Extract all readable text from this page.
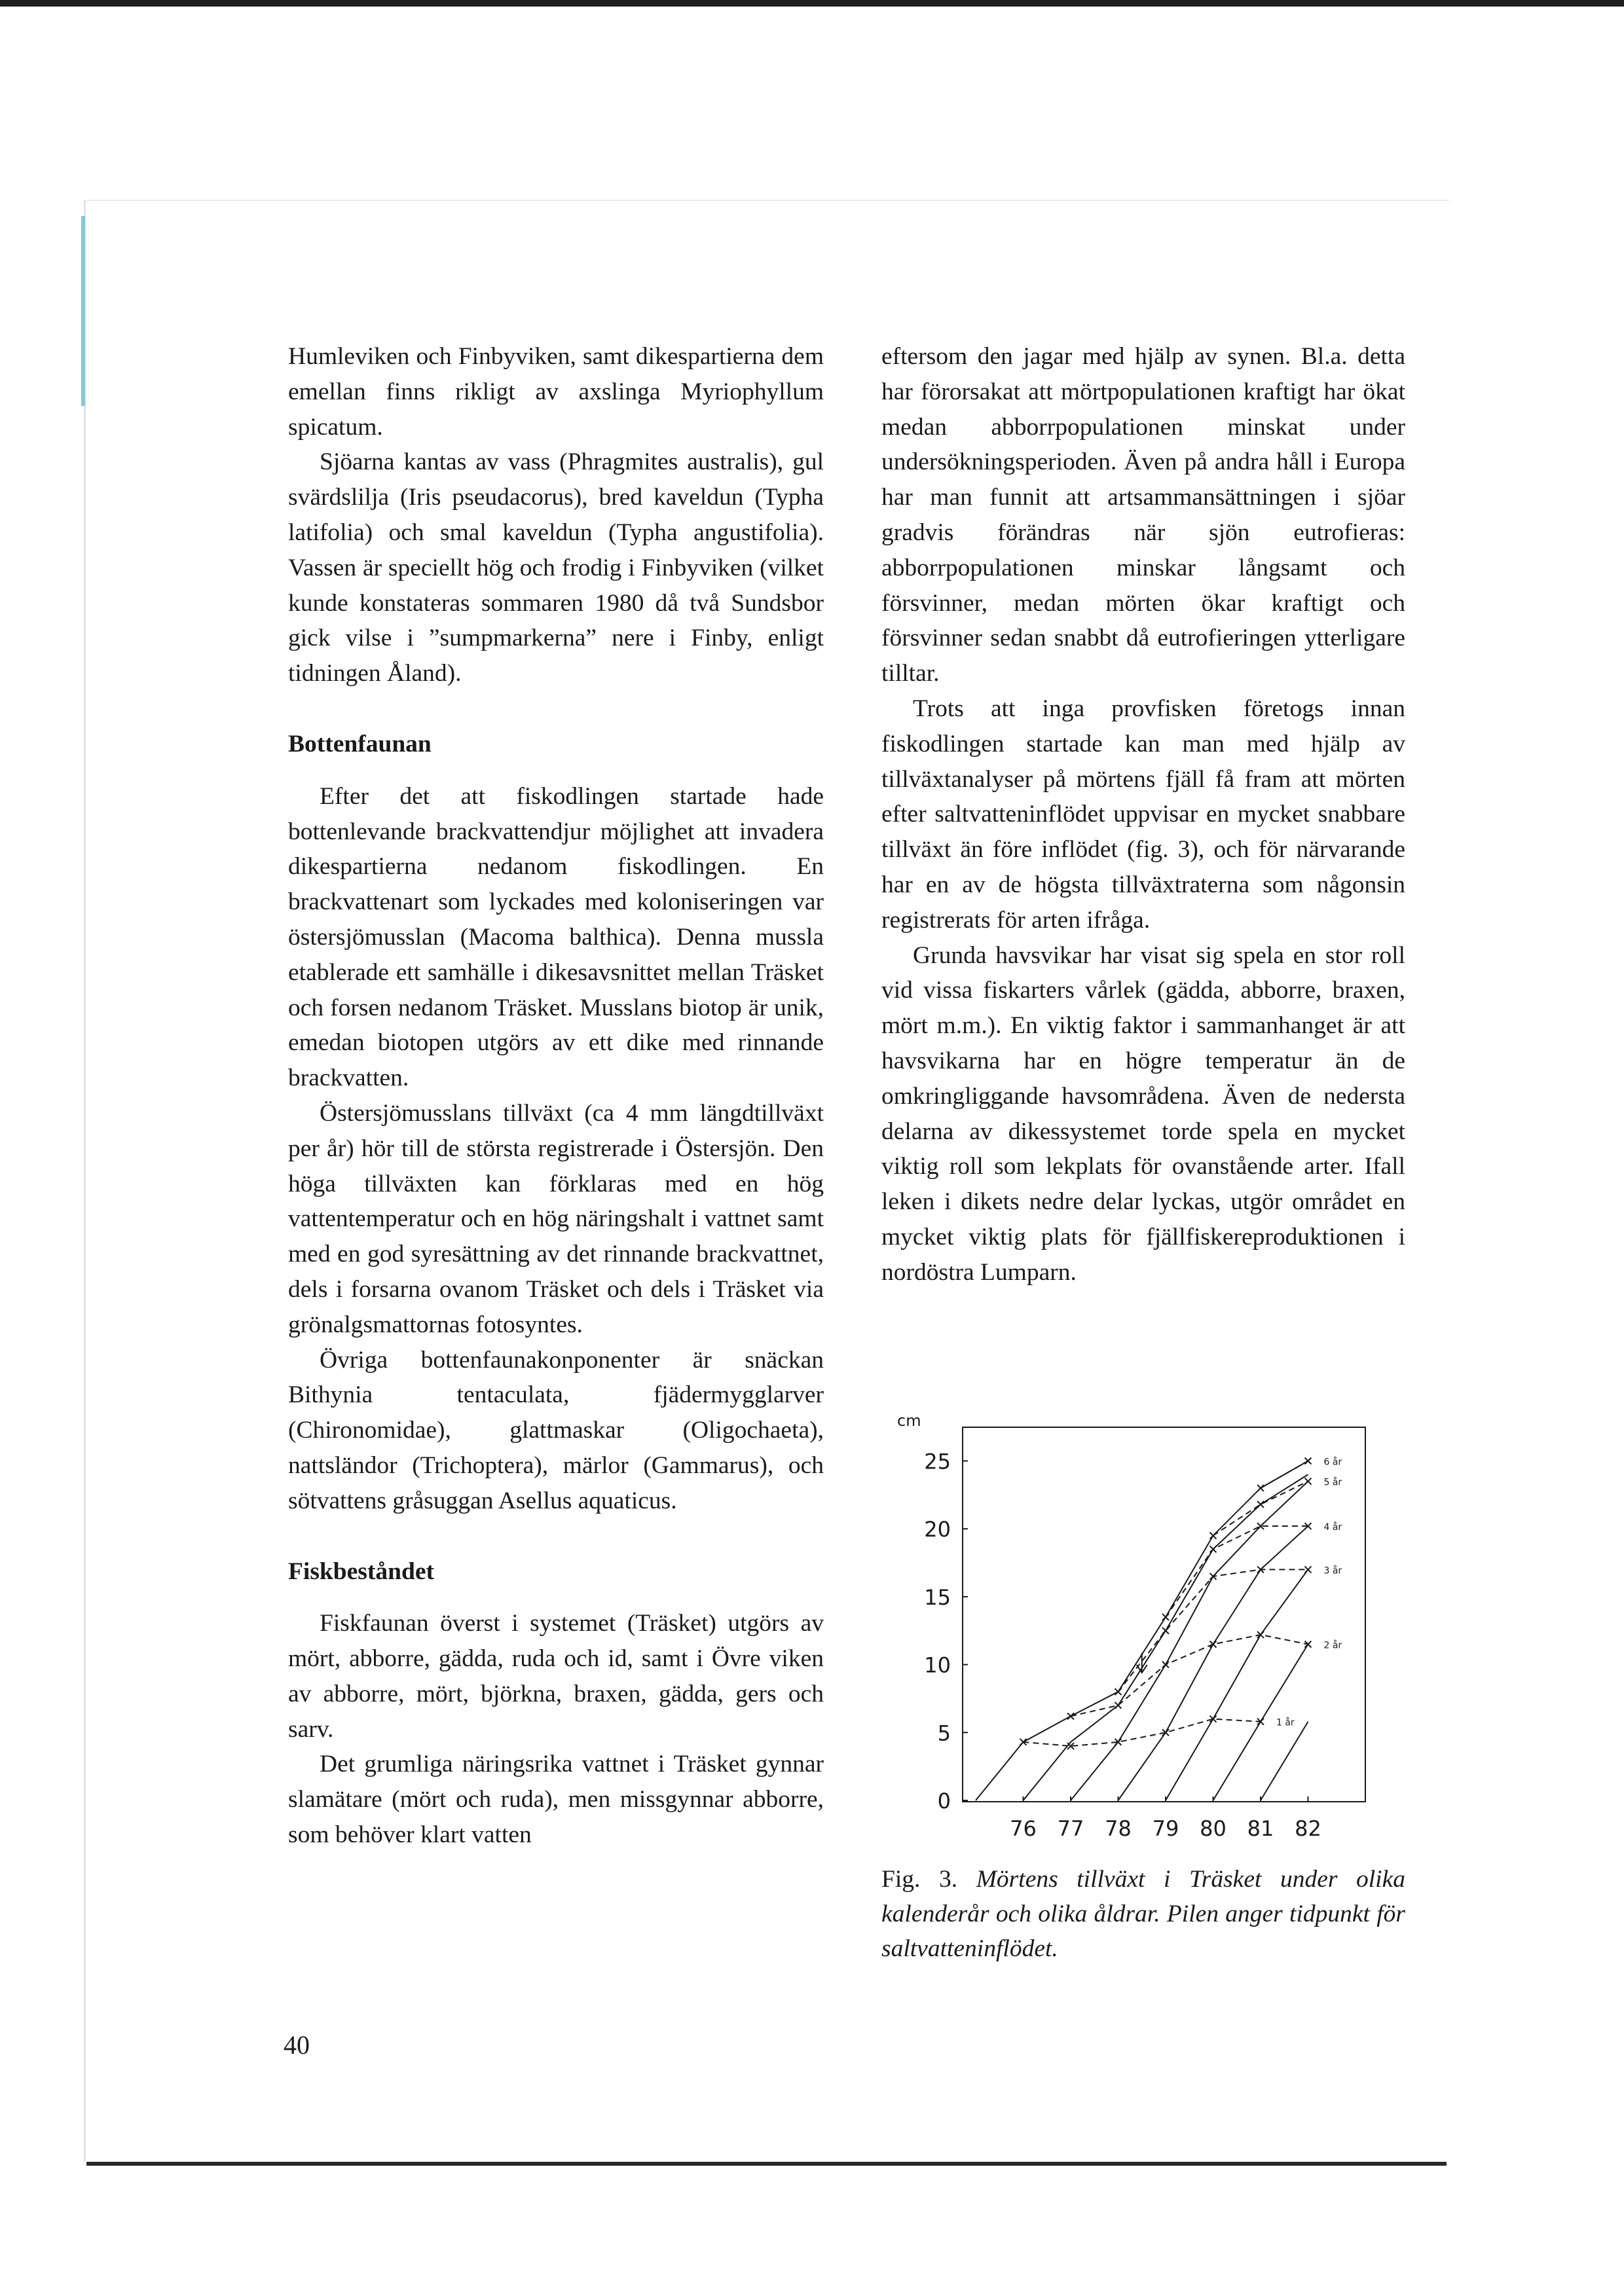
Humleviken och Finbyviken, samt dikespartierna dem emellan finns rikligt av axslinga Myriophyllum spicatum.

Sjöarna kantas av vass (Phragmites australis), gul svärdslilja (Iris pseudacorus), bred kaveldun (Typha latifolia) och smal kaveldun (Typha angustifolia). Vassen är speciellt hög och frodig i Finbyviken (vilket kunde konstateras sommaren 1980 då två Sundsbor gick vilse i ”sumpmarkerna” nere i Finby, enligt tidningen Åland).

Bottenfaunan

Efter det att fiskodlingen startade hade bottenlevande brackvattendjur möjlighet att invadera dikespartierna nedanom fiskodlingen. En brackvattenart som lyckades med koloniseringen var östersjömusslan (Macoma balthica). Denna mussla etablerade ett samhälle i dikesavsnittet mellan Träsket och forsen nedanom Träsket. Musslans biotop är unik, emedan biotopen utgörs av ett dike med rinnande brackvatten.

Östersjömusslans tillväxt (ca 4 mm längdtillväxt per år) hör till de största registrerade i Östersjön. Den höga tillväxten kan förklaras med en hög vattentemperatur och en hög näringshalt i vattnet samt med en god syresättning av det rinnande brackvattnet, dels i forsarna ovanom Träsket och dels i Träsket via grönalgsmattornas fotosyntes.

Övriga bottenfaunakonponenter är snäckan Bithynia tentaculata, fjädermygglarver (Chironomidae), glattmaskar (Oligochaeta), nattsländor (Trichoptera), märlor (Gammarus), och sötvattens gråsuggan Asellus aquaticus.

Fiskbeståndet

Fiskfaunan överst i systemet (Träsket) utgörs av mört, abborre, gädda, ruda och id, samt i Övre viken av abborre, mört, björkna, braxen, gädda, gers och sarv.

Det grumliga näringsrika vattnet i Träsket gynnar slamätare (mört och ruda), men missgynnar abborre, som behöver klart vatten

eftersom den jagar med hjälp av synen. Bl.a. detta har förorsakat att mörtpopulationen kraftigt har ökat medan abborrpopulationen minskat under undersökningsperioden. Även på andra håll i Europa har man funnit att artsammansättningen i sjöar gradvis förändras när sjön eutrofieras: abborrpopulationen minskar långsamt och försvinner, medan mörten ökar kraftigt och försvinner sedan snabbt då eutrofieringen ytterligare tilltar.

Trots att inga provfisken företogs innan fiskodlingen startade kan man med hjälp av tillväxtanalyser på mörtens fjäll få fram att mörten efter saltvatteninflödet uppvisar en mycket snabbare tillväxt än före inflödet (fig. 3), och för närvarande har en av de högsta tillväxtraterna som någonsin registrerats för arten ifråga.

Grunda havsvikar har visat sig spela en stor roll vid vissa fiskarters vårlek (gädda, abborre, braxen, mört m.m.). En viktig faktor i sammanhanget är att havsvikarna har en högre temperatur än de omkringliggande havsområdena. Även de nedersta delarna av dikessystemet torde spela en mycket viktig roll som lekplats för ovanstående arter. Ifall leken i dikets nedre delar lyckas, utgör området en mycket viktig plats för fjällfiskereproduktionen i nordöstra Lumparn.

0
5
10
15
20
25
cm
76 77 78 79 80 81 82
1 år
2 år
3 år
4 år
5 år
6 år
Fig. 3. Mörtens tillväxt i Träsket under olika kalenderår och olika åldrar. Pilen anger tidpunkt för saltvatteninflödet.
40
